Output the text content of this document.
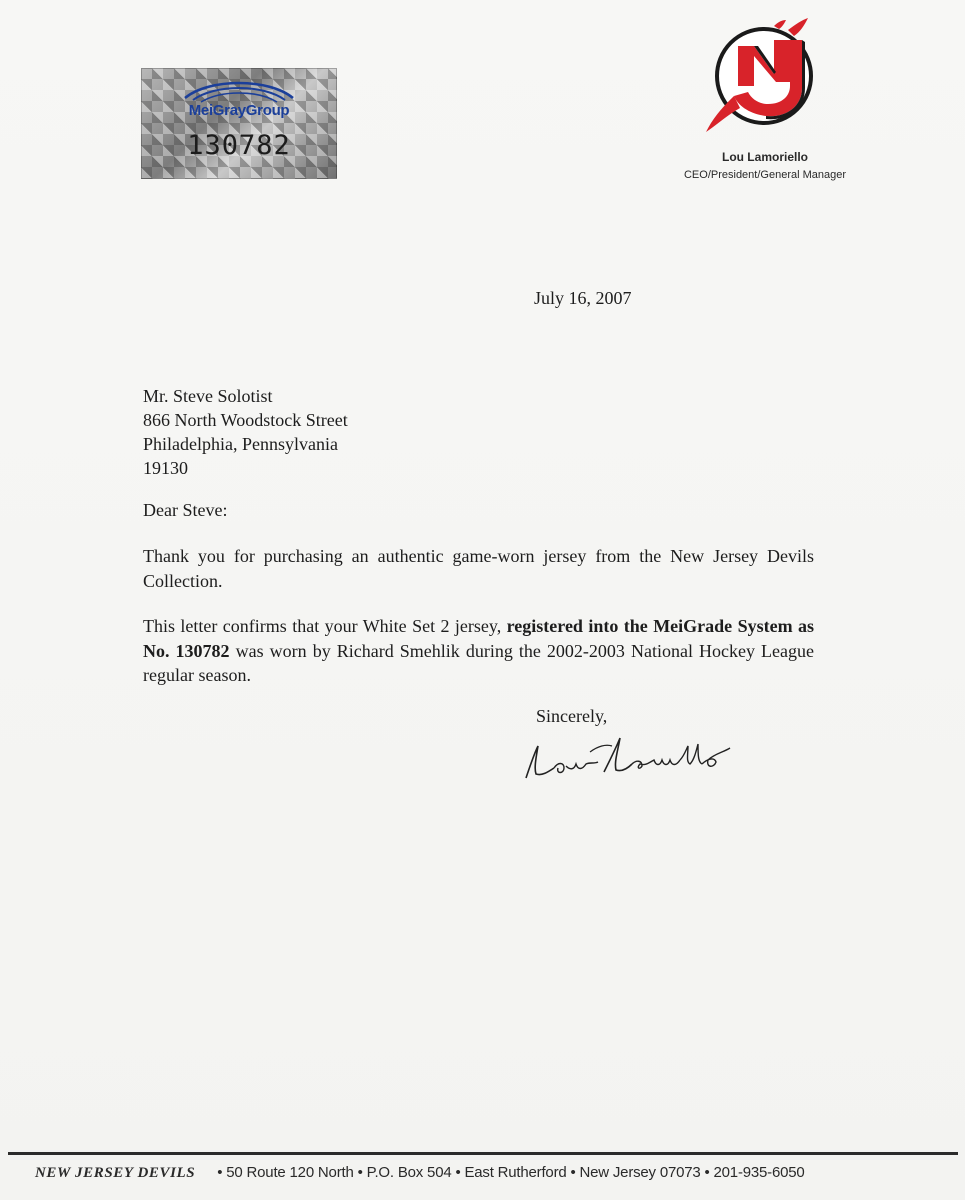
MeiGrayGroup
130782	Lou Lamoriello
CEO/President/General Manager
July 16, 2007
Mr. Steve Solotist
866 North Woodstock Street
Philadelphia, Pennsylvania
19130
Dear Steve:
Thank you for purchasing an authentic game-worn jersey from the New Jersey Devils Collection.
This letter confirms that your White Set 2 jersey, registered into the MeiGrade System as No. 130782 was worn by Richard Smehlik during the 2002-2003 National Hockey League regular season.
Sincerely,
NEW JERSEY DEVILS • 50 Route 120 North • P.O. Box 504 • East Rutherford • New Jersey 07073 • 201-935-6050
